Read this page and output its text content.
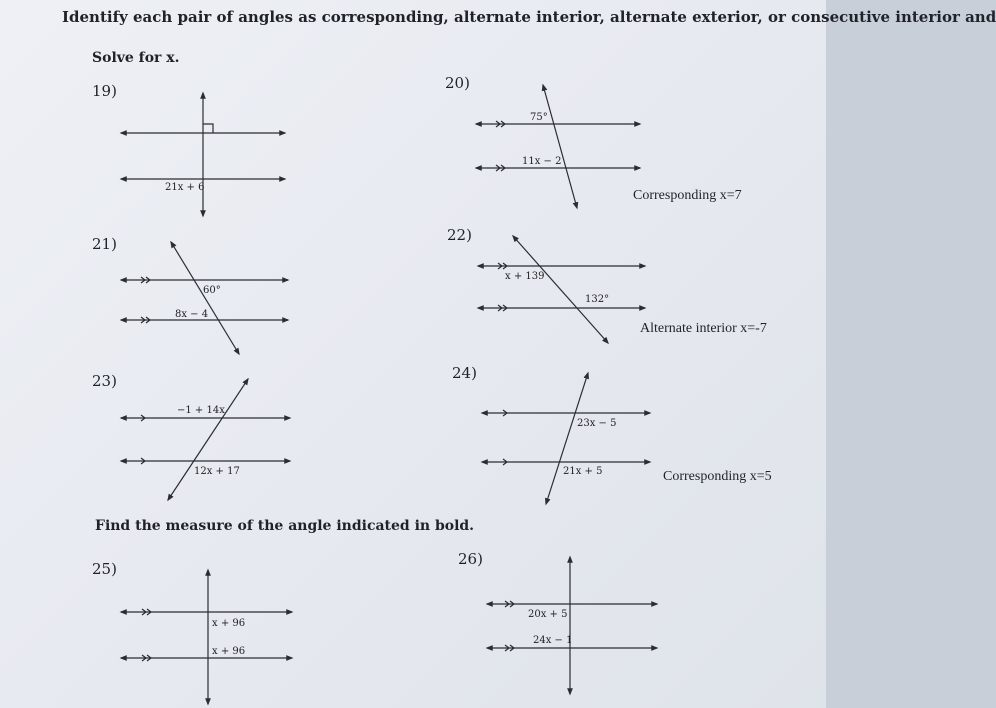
Identify each pair of angles as corresponding, alternate interior, alternate exterior, or consecutive interior and
Solve for x.
19)	20)
21)	22)
23)	24)
25)
26)
Find the measure of the angle indicated in bold.
Corresponding x=7
Alternate interior x=-7
Corresponding x=5
21x + 6
75°
11x − 2
60°
8x − 4
x + 139
132°
−1 + 14x
12x + 17
23x − 5
21x + 5
x + 96
x + 96
20x + 5
24x − 1
